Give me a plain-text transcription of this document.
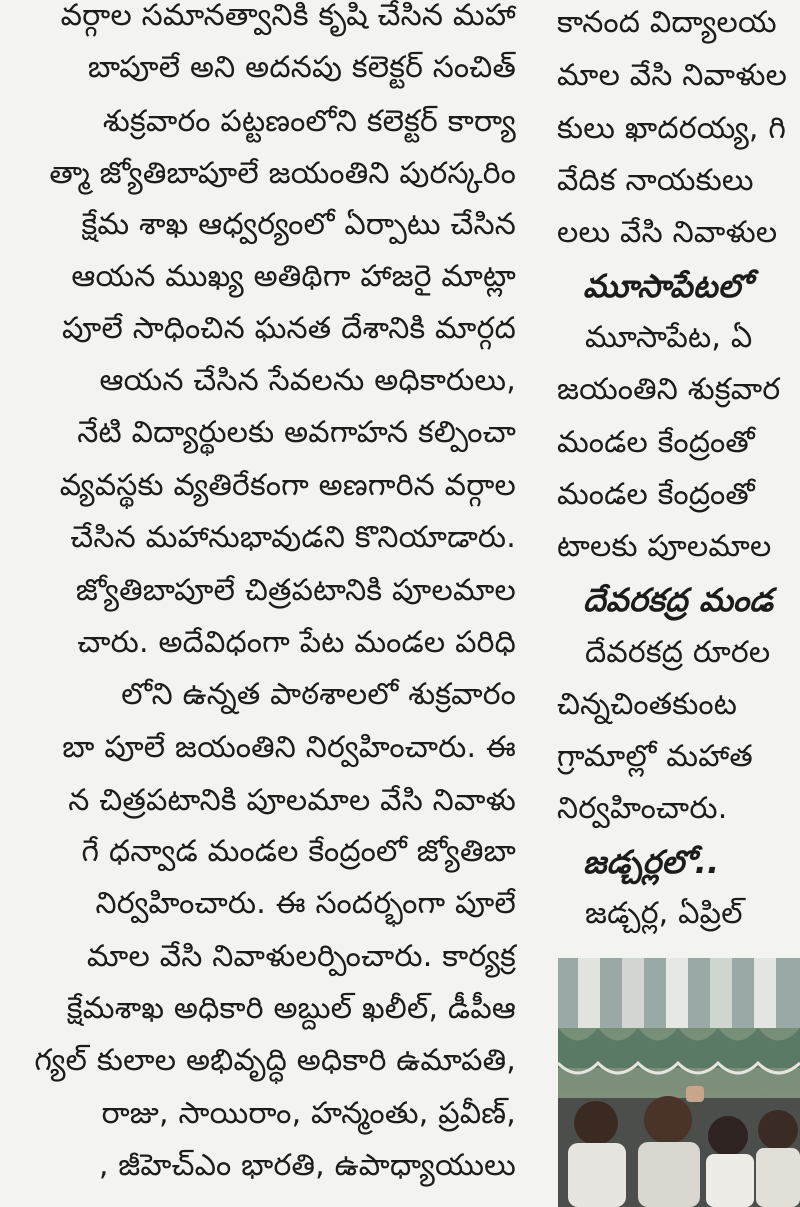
వర్గాల సమానత్వానికి కృషి చేసిన మహా
బాపూలే అని అదనపు కలెక్టర్ సంచిత్
శుక్రవారం పట్టణంలోని కలెక్టర్ కార్యా
త్మా జ్యోతిబాపూలే జయంతిని పురస్కరిం
క్షేమ శాఖ ఆధ్వర్యంలో ఏర్పాటు చేసిన
ఆయన ముఖ్య అతిథిగా హాజరై మాట్లా
పూలే సాధించిన ఘనత దేశానికి మార్గద
ఆయన చేసిన సేవలను అధికారులు,
నేటి విద్యార్థులకు అవగాహన కల్పించా
వ్యవస్థకు వ్యతిరేకంగా అణగారిన వర్గాల
చేసిన మహానుభావుడని కొనియాడారు.
జ్యోతిబాపూలే చిత్రపటానికి పూలమాల
చారు. అదేవిధంగా పేట మండల పరిధి
లోని ఉన్నత పాఠశాలలో శుక్రవారం
బా పూలే జయంతిని నిర్వహించారు. ఈ
న చిత్రపటానికి పూలమాల వేసి నివాళు
గే ధన్వాడ మండల కేంద్రంలో జ్యోతిబా
నిర్వహించారు. ఈ సందర్భంగా పూలే
మాల వేసి నివాళులర్పించారు. కార్యక్ర
క్షేమశాఖ అధికారి అబ్దుల్ ఖలీల్, డీపీఆ
గ్యల్ కులాల అభివృద్ధి అధికారి ఉమాపతి,
రాజు, సాయిరాం, హన్మంతు, ప్రవీణ్,
, జీహెచ్ఎం భారతి, ఉపాధ్యాయులు
కానంద విద్యాలయ
మాల వేసి నివాళుల
కులు ఖాదరయ్య, గి
వేదిక నాయకులు
లలు వేసి నివాళుల
మూసాపేటలో
మూసాపేట, ఏ
జయంతిని శుక్రవార
మండల కేంద్రంతో
మండల కేంద్రంతో
టాలకు పూలమాల
దేవరకద్ర మండ
దేవరకద్ర రూరల
చిన్నచింతకుంట
గ్రామాల్లో మహాత
నిర్వహించారు.
జడ్చర్లలో..
జడ్చర్ల, ఏప్రిల్
